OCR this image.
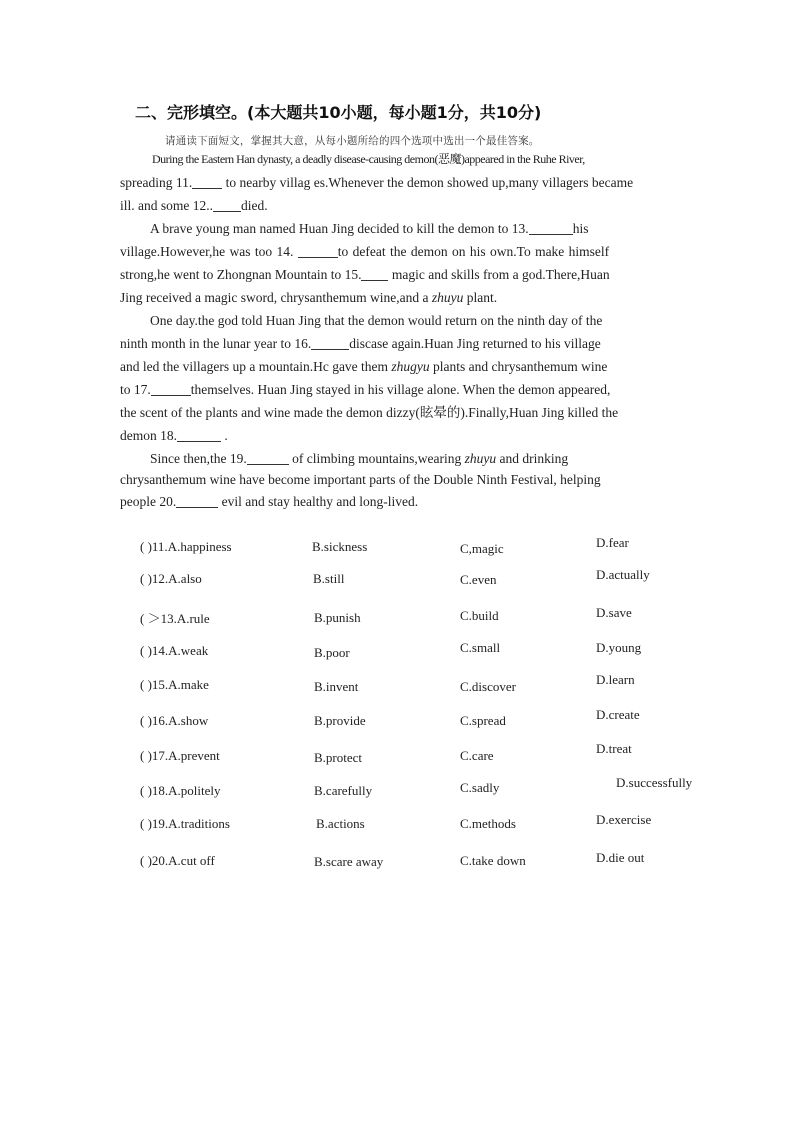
二、完形填空。(本大题共10小题，每小题1分，共10分)
请通读下面短文，掌握其大意，从每小题所给的四个选项中选出一个最佳答案。
During the Eastern Han dynasty, a deadly disease-causing demon(恶魔)appeared in the Ruhe River,
spreading 11. to nearby villag es.Whenever the demon showed up,many villagers became
ill. and some 12.. died.
A brave young man named Huan Jing decided to kill the demon to 13.	his
village.However,he was too 14.	to defeat the demon on his own.To make himself
strong,he went to Zhongnan Mountain to 15. magic and skills from a god.There,Huan
Jing received a magic sword, chrysanthemum wine,and a zhuyu plant.
One day.the god told Huan Jing that the demon would return on the ninth day of the
ninth month in the lunar year to 16.	discase again.Huan Jing returned to his village
and led the villagers up a mountain.Hc gave them zhugyu plants and chrysanthemum wine
to 17.	themselves. Huan Jing stayed in his village alone. When the demon appeared,
the scent of the plants and wine made the demon dizzy(眩晕的).Finally,Huan Jing killed the
demon 18.	.
Since then,the 19.	of climbing mountains,wearing zhuyu and drinking
chrysanthemum wine have become important parts of the Double Ninth Festival, helping
people 20.	evil and stay healthy and long-lived.
( )11.A.happiness	B.sickness	C,magic	D.fear
( )12.A.also	B.still	C.even	D.actually
( ＞13.A.rule	B.punish	C.build	D.save
( )14.A.weak	B.poor	C.small	D.young
( )15.A.make	B.invent	C.discover	D.learn
( )16.A.show	B.provide	C.spread	D.create
( )17.A.prevent	B.protect	C.care	D.treat
( )18.A.politely	B.carefully	C.sadly	D.successfully
( )19.A.traditions	B.actions	C.methods	D.exercise
( )20.A.cut off	B.scare away	C.take down	D.die out
